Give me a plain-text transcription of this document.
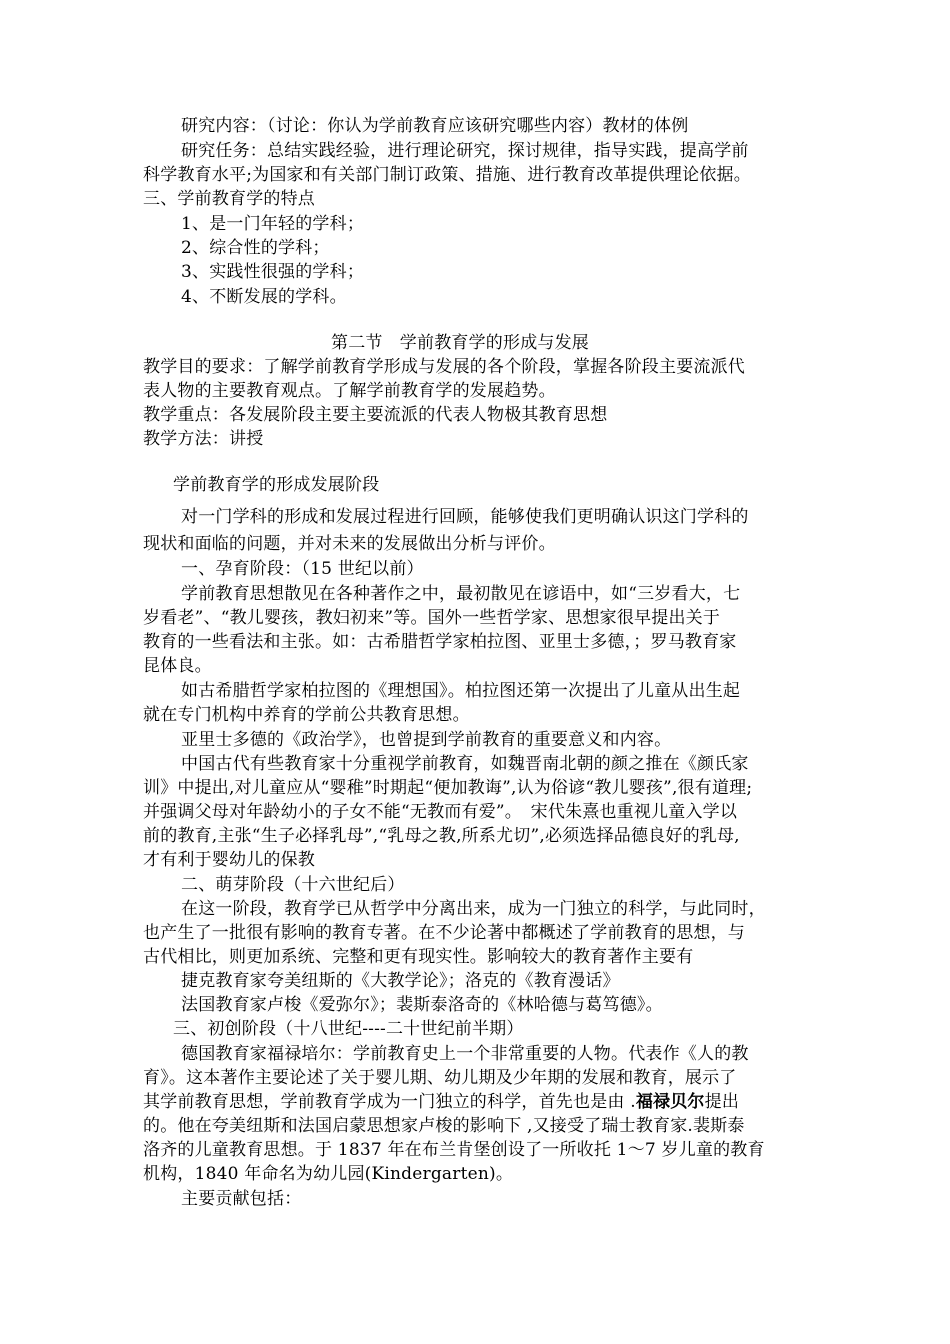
研究内容：（讨论：你认为学前教育应该研究哪些内容）教材的体例
研究任务：总结实践经验，进行理论研究，探讨规律，指导实践，提高学前
科学教育水平;为国家和有关部门制订政策、措施、进行教育改革提供理论依据。
三、学前教育学的特点
1、是一门年轻的学科；
2、综合性的学科；
3、实践性很强的学科；
4、不断发展的学科。
第二节　学前教育学的形成与发展
教学目的要求：了解学前教育学形成与发展的各个阶段，掌握各阶段主要流派代
表人物的主要教育观点。了解学前教育学的发展趋势。
教学重点：各发展阶段主要主要流派的代表人物极其教育思想
教学方法：讲授
学前教育学的形成发展阶段
对一门学科的形成和发展过程进行回顾，能够使我们更明确认识这门学科的
现状和面临的问题，并对未来的发展做出分析与评价。
一、孕育阶段：（15 世纪以前）
学前教育思想散见在各种著作之中，最初散见在谚语中，如“三岁看大，七
岁看老”、“教儿婴孩，教妇初来”等。国外一些哲学家、思想家很早提出关于
教育的一些看法和主张。如：古希腊哲学家柏拉图、亚里士多德，；罗马教育家
昆体良。
如古希腊哲学家柏拉图的《理想国》。柏拉图还第一次提出了儿童从出生起
就在专门机构中养育的学前公共教育思想。
亚里士多德的《政治学》，也曾提到学前教育的重要意义和内容。
中国古代有些教育家十分重视学前教育，如魏晋南北朝的颜之推在《颜氏家
训》中提出,对儿童应从“婴稚”时期起“便加教诲”,认为俗谚“教儿婴孩”,很有道理;
并强调父母对年龄幼小的子女不能“无教而有爱”。　宋代朱熹也重视儿童入学以
前的教育,主张“生子必择乳母”,“乳母之教,所系尤切”,必须选择品德良好的乳母,
才有利于婴幼儿的保教
二、萌芽阶段（十六世纪后）
在这一阶段，教育学已从哲学中分离出来，成为一门独立的科学，与此同时，
也产生了一批很有影响的教育专著。在不少论著中都概述了学前教育的思想，与
古代相比，则更加系统、完整和更有现实性。影响较大的教育著作主要有
捷克教育家夸美纽斯的《大教学论》；洛克的《教育漫话》
法国教育家卢梭《爱弥尔》；裴斯泰洛奇的《林哈德与葛笃德》。
三、初创阶段（十八世纪----二十世纪前半期）
德国教育家福禄培尔：学前教育史上一个非常重要的人物。代表作《人的教
育》。这本著作主要论述了关于婴儿期、幼儿期及少年期的发展和教育，展示了
其学前教育思想，学前教育学成为一门独立的科学，首先也是由 .福禄贝尔提出
的。他在夸美纽斯和法国启蒙思想家卢梭的影响下 ,又接受了瑞士教育家.裴斯泰
洛齐的儿童教育思想。于 1837 年在布兰肯堡创设了一所收托 1～7 岁儿童的教育
机构，1840 年命名为幼儿园(Kindergarten)。
主要贡献包括：
